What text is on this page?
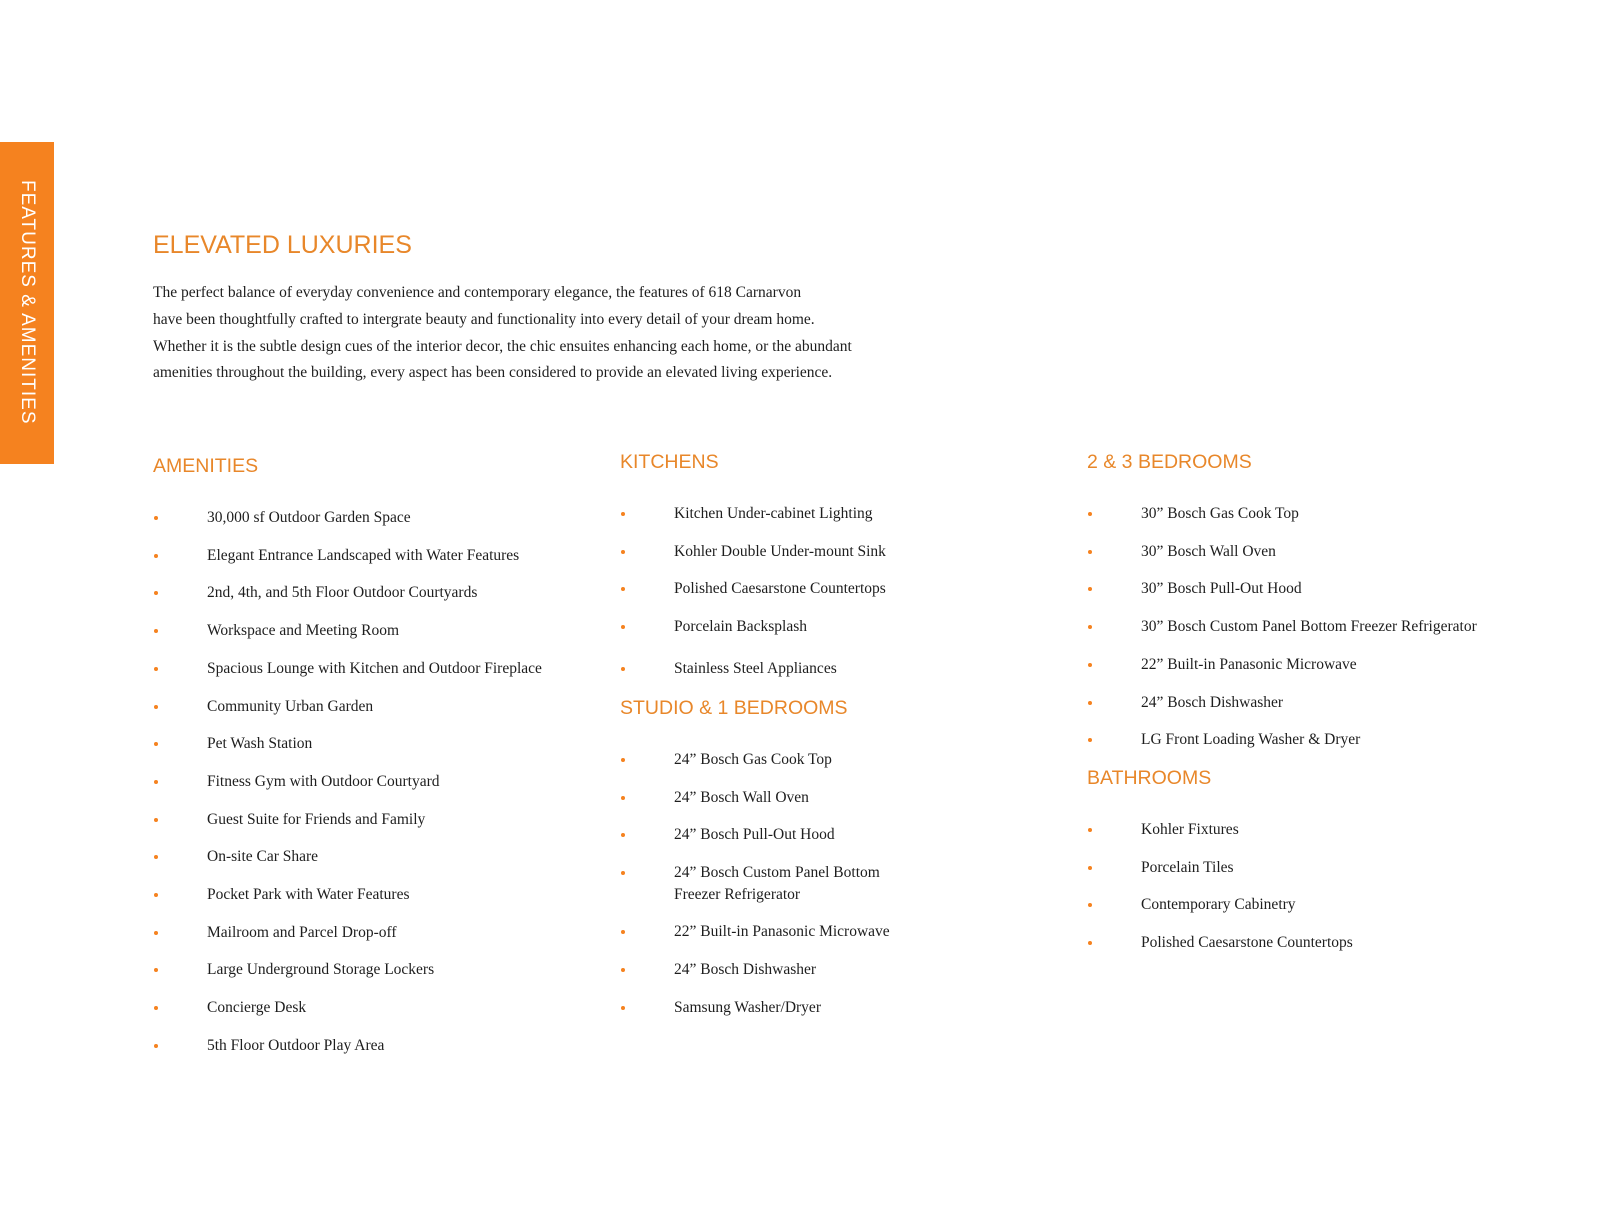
FEATURES & AMENITIES	ELEVATED LUXURIES

The perfect balance of everyday convenience and contemporary elegance, the features of 618 Carnarvon

have been thoughtfully crafted to intergrate beauty and functionality into every detail of your dream home.

Whether it is the subtle design cues of the interior decor, the chic ensuites enhancing each home, or the abundant

amenities throughout the building, every aspect has been considered to provide an elevated living experience.

AMENITIES
30,000 sf Outdoor Garden Space
Elegant Entrance Landscaped with Water Features
2nd, 4th, and 5th Floor Outdoor Courtyards
Workspace and Meeting Room
Spacious Lounge with Kitchen and Outdoor Fireplace
Community Urban Garden
Pet Wash Station
Fitness Gym with Outdoor Courtyard
Guest Suite for Friends and Family
On-site Car Share
Pocket Park with Water Features
Mailroom and Parcel Drop-off
Large Underground Storage Lockers
Concierge Desk
5th Floor Outdoor Play Area
KITCHENS
Kitchen Under-cabinet Lighting
Kohler Double Under-mount Sink
Polished Caesarstone Countertops
Porcelain Backsplash
Stainless Steel Appliances
STUDIO & 1 BEDROOMS
24” Bosch Gas Cook Top
24” Bosch Wall Oven
24” Bosch Pull-Out Hood
24” Bosch Custom Panel Bottom
Freezer Refrigerator
22” Built-in Panasonic Microwave
24” Bosch Dishwasher
Samsung Washer/Dryer
2 & 3 BEDROOMS
30” Bosch Gas Cook Top
30” Bosch Wall Oven
30” Bosch Pull-Out Hood
30” Bosch Custom Panel Bottom Freezer Refrigerator
22” Built-in Panasonic Microwave
24” Bosch Dishwasher
LG Front Loading Washer & Dryer
BATHROOMS
Kohler Fixtures
Porcelain Tiles
Contemporary Cabinetry
Polished Caesarstone Countertops
